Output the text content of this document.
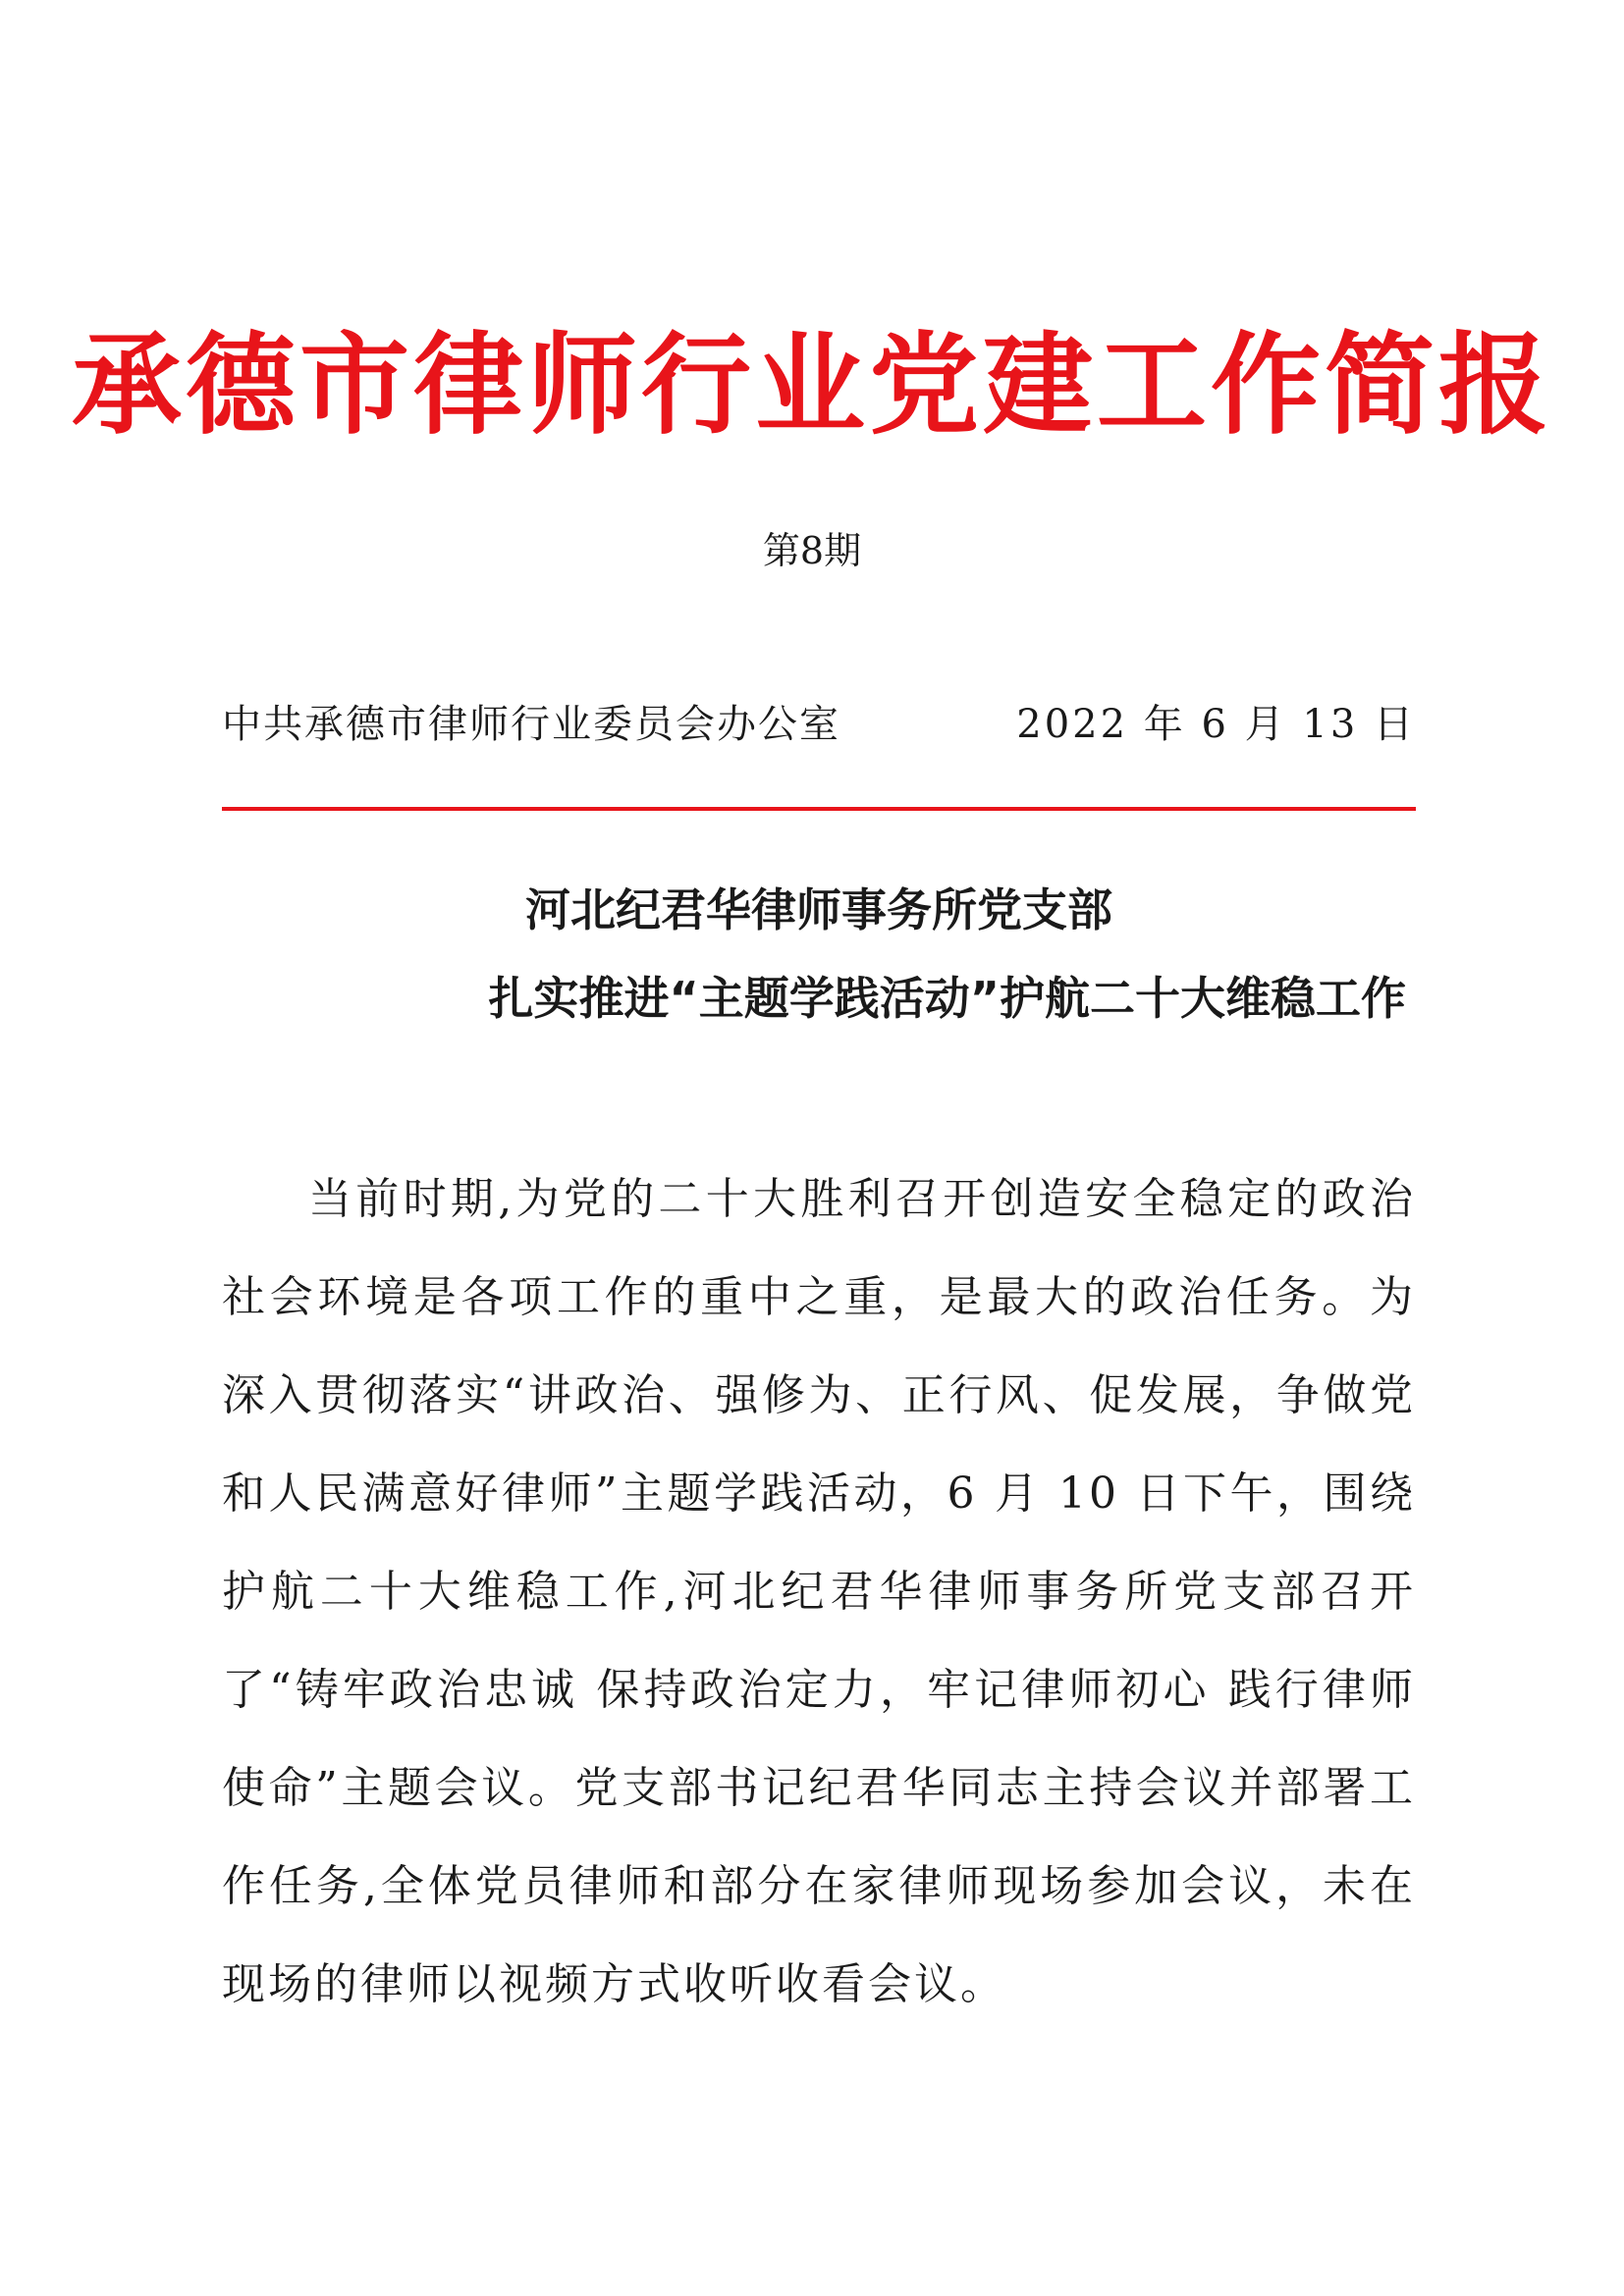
承德市律师行业党建工作简报
第8期
中共承德市律师行业委员会办公室	2022 年 6 月 13 日
河北纪君华律师事务所党支部
扎实推进“主题学践活动”护航二十大维稳工作

当前时期,为党的二十大胜利召开创造安全稳定的政治社会环境是各项工作的重中之重，是最大的政治任务。为深入贯彻落实“讲政治、强修为、正行风、促发展，争做党和人民满意好律师”主题学践活动，6 月 10 日下午，围绕护航二十大维稳工作,河北纪君华律师事务所党支部召开了“铸牢政治忠诚 保持政治定力，牢记律师初心 践行律师使命”主题会议。党支部书记纪君华同志主持会议并部署工作任务,全体党员律师和部分在家律师现场参加会议，未在现场的律师以视频方式收听收看会议。
